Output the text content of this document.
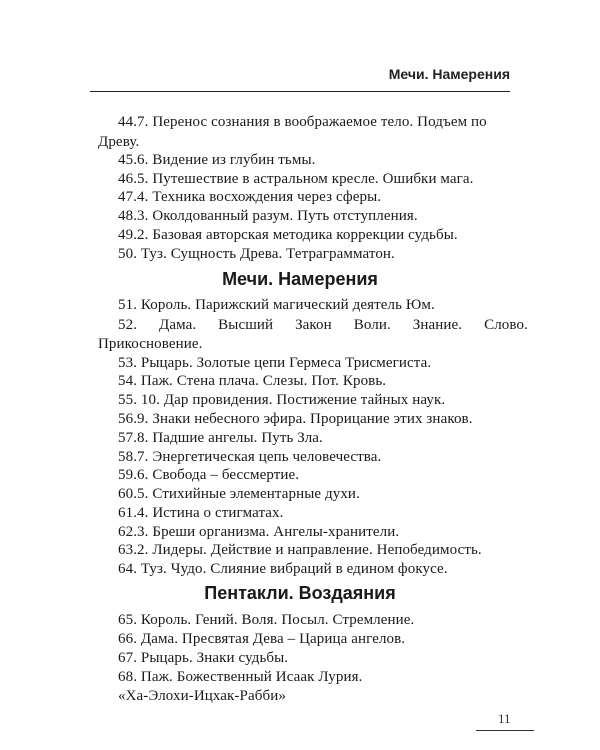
Мечи. Намерения
44.7. Перенос сознания в воображаемое тело. Подъем по
Древу.
45.6. Видение из глубин тьмы.
46.5. Путешествие в астральном кресле. Ошибки мага.
47.4. Техника восхождения через сферы.
48.3. Околдованный разум. Путь отступления.
49.2. Базовая авторская методика коррекции судьбы.
50. Туз. Сущность Древа. Тетраграмматон.
Мечи. Намерения
51. Король. Парижский магический деятель Юм.
52. Дама. Высший Закон Воли. Знание. Слово.
Прикосновение.
53. Рыцарь. Золотые цепи Гермеса Трисмегиста.
54. Паж. Стена плача. Слезы. Пот. Кровь.
55. 10. Дар провидения. Постижение тайных наук.
56.9. Знаки небесного эфира. Прорицание этих знаков.
57.8. Падшие ангелы. Путь Зла.
58.7. Энергетическая цепь человечества.
59.6. Свобода – бессмертие.
60.5. Стихийные элементарные духи.
61.4. Истина о стигматах.
62.3. Бреши организма. Ангелы-хранители.
63.2. Лидеры. Действие и направление. Непобедимость.
64. Туз. Чудо. Слияние вибраций в едином фокусе.
Пентакли. Воздаяния
65. Король. Гений. Воля. Посыл. Стремление.
66. Дама. Пресвятая Дева – Царица ангелов.
67. Рыцарь. Знаки судьбы.
68. Паж. Божественный Исаак Лурия.
«Ха-Элохи-Ицхак-Рабби»
11
